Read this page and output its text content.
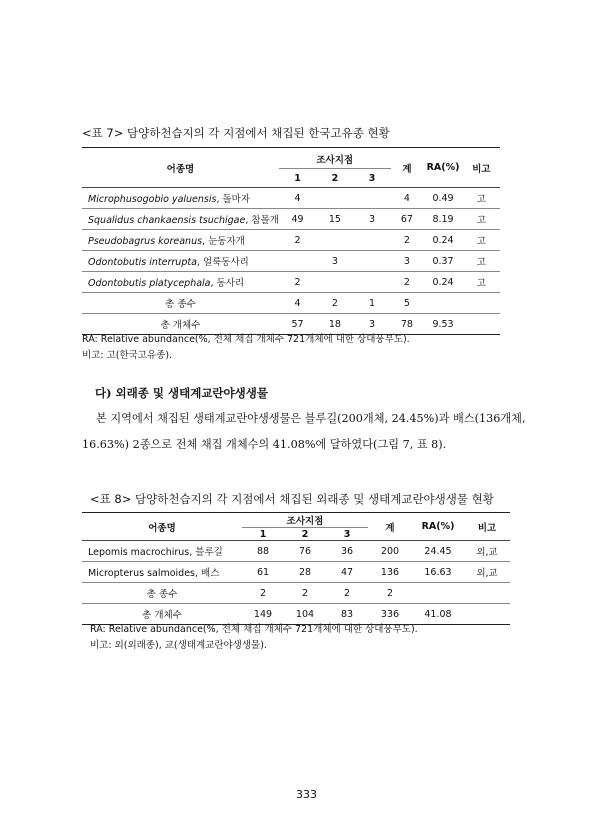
<표 7> 담양하천습지의 각 지점에서 채집된 한국고유종 현황
어종명	조사지점			계	RA(%)	비고
	1	2	3			
Microphusogobio yaluensis, 돌마자	4			4	0.49	고
Squalidus chankaensis tsuchigae, 참몰개	49	15	3	67	8.19	고
Pseudobagrus koreanus, 눈동자개	2			2	0.24	고
Odontobutis interrupta, 얼룩동사리		3		3	0.37	고
Odontobutis platycephala, 동사리	2			2	0.24	고
총 종수	4	2	1	5		
총 개체수	57	18	3	78	9.53	
RA: Relative abundance(%, 전체 채집 개체수 721개체에 대한 상대풍부도).
비고: 고(한국고유종).
다) 외래종 및 생태계교란야생생물
본 지역에서 채집된 생태계교란야생생물은 블루길(200개체, 24.45%)과 배스(136개체,
16.63%) 2종으로 전체 채집 개체수의 41.08%에 달하였다(그림 7, 표 8).
<표 8> 담양하천습지의 각 지점에서 채집된 외래종 및 생태계교란야생생물 현황
어종명	조사지점			계	RA(%)	비고
	1	2	3			
Lepomis macrochirus, 블루길	88	76	36	200	24.45	외,교
Micropterus salmoides, 배스	61	28	47	136	16.63	외,교
총 종수	2	2	2	2		
총 개체수	149	104	83	336	41.08	
RA: Relative abundance(%, 전체 채집 개체수 721개체에 대한 상대풍부도).
비고: 외(외래종), 교(생태계교란야생생물).
333
